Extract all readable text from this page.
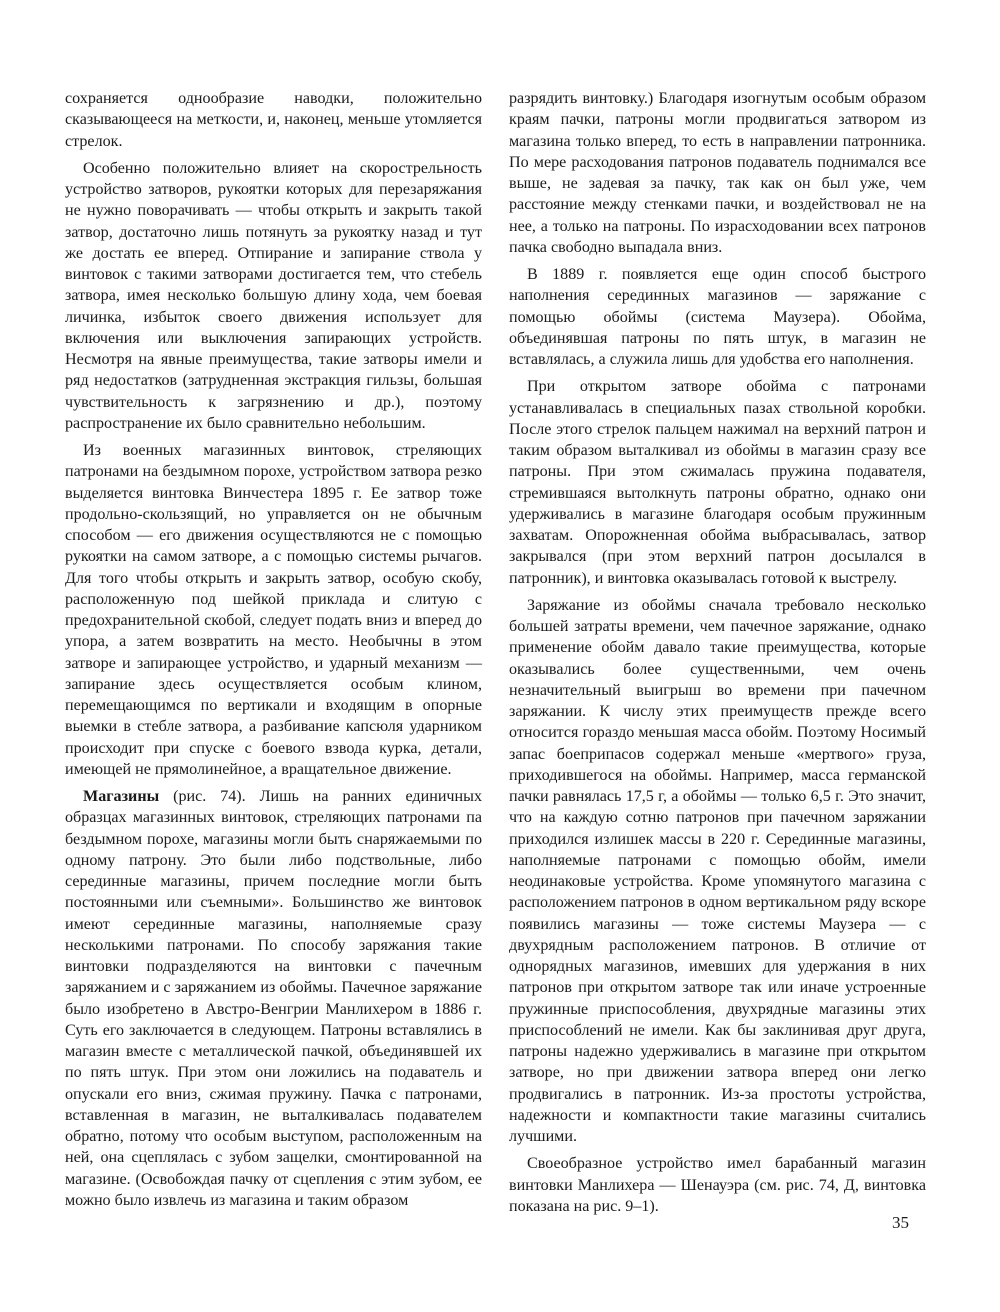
сохраняется однообразие наводки, положительно сказывающееся на меткости, и, наконец, меньше утомляется стрелок.

Особенно положительно влияет на скорострельность устройство затворов, рукоятки которых для перезаряжания не нужно поворачивать — чтобы открыть и закрыть такой затвор, достаточно лишь потянуть за рукоятку назад и тут же достать ее вперед. Отпирание и запирание ствола у винтовок с такими затворами достигается тем, что стебель затвора, имея несколько большую длину хода, чем боевая личинка, избыток своего движения использует для включения или выключения запирающих устройств. Несмотря на явные преимущества, такие затворы имели и ряд недостатков (затрудненная экстракция гильзы, большая чувствительность к загрязнению и др.), поэтому распространение их было сравнительно небольшим.

Из военных магазинных винтовок, стреляющих патронами на бездымном порохе, устройством затвора резко выделяется винтовка Винчестера 1895 г. Ее затвор тоже продольно-скользящий, но управляется он не обычным способом — его движения осуществляются не с помощью рукоятки на самом затворе, а с помощью системы рычагов. Для того чтобы открыть и закрыть затвор, особую скобу, расположенную под шейкой приклада и слитую с предохранительной скобой, следует подать вниз и вперед до упора, а затем возвратить на место. Необычны в этом затворе и запирающее устройство, и ударный механизм — запирание здесь осуществляется особым клином, перемещающимся по вертикали и входящим в опорные выемки в стебле затвора, а разбивание капсюля ударником происходит при спуске с боевого взвода курка, детали, имеющей не прямолинейное, а вращательное движение.

Магазины (рис. 74). Лишь на ранних единичных образцах магазинных винтовок, стреляющих патронами па бездымном порохе, магазины могли быть снаряжаемыми по одному патрону. Это были либо подствольные, либо серединные магазины, причем последние могли быть постоянными или съемными». Большинство же винтовок имеют серединные магазины, наполняемые сразу несколькими патронами. По способу заряжания такие винтовки подразделяются на винтовки с пачечным заряжанием и с заряжанием из обоймы. Пачечное заряжание было изобретено в Австро-Венгрии Манлихером в 1886 г. Суть его заключается в следующем. Патроны вставлялись в магазин вместе с металлической пачкой, объединявшей их по пять штук. При этом они ложились на подаватель и опускали его вниз, сжимая пружину. Пачка с патронами, вставленная в магазин, не выталкивалась подавателем обратно, потому что особым выступом, расположенным на ней, она сцеплялась с зубом защелки, смонтированной на магазине. (Освобождая пачку от сцепления с этим зубом, ее можно было извлечь из магазина и таким образом

разрядить винтовку.) Благодаря изогнутым особым образом краям пачки, патроны могли продвигаться затвором из магазина только вперед, то есть в направлении патронника. По мере расходования патронов подаватель поднимался все выше, не задевая за пачку, так как он был уже, чем расстояние между стенками пачки, и воздействовал не на нее, а только на патроны. По израсходовании всех патронов пачка свободно выпадала вниз.

В 1889 г. появляется еще один способ быстрого наполнения серединных магазинов — заряжание с помощью обоймы (система Маузера). Обойма, объединявшая патроны по пять штук, в магазин не вставлялась, а служила лишь для удобства его наполнения.

При открытом затворе обойма с патронами устанавливалась в специальных пазах ствольной коробки. После этого стрелок пальцем нажимал на верхний патрон и таким образом выталкивал из обоймы в магазин сразу все патроны. При этом сжималась пружина подавателя, стремившаяся вытолкнуть патроны обратно, однако они удерживались в магазине благодаря особым пружинным захватам. Опорожненная обойма выбрасывалась, затвор закрывался (при этом верхний патрон досылался в патронник), и винтовка оказывалась готовой к выстрелу.

Заряжание из обоймы сначала требовало несколько большей затраты времени, чем пачечное заряжание, однако применение обойм давало такие преимущества, которые оказывались более существенными, чем очень незначительный выигрыш во времени при пачечном заряжании. К числу этих преимуществ прежде всего относится гораздо меньшая масса обойм. Поэтому Носимый запас боеприпасов содержал меньше «мертвого» груза, приходившегося на обоймы. Например, масса германской пачки равнялась 17,5 г, а обоймы — только 6,5 г. Это значит, что на каждую сотню патронов при пачечном заряжании приходился излишек массы в 220 г. Серединные магазины, наполняемые патронами с помощью обойм, имели неодинаковые устройства. Кроме упомянутого магазина с расположением патронов в одном вертикальном ряду вскоре появились магазины — тоже системы Маузера — с двухрядным расположением патронов. В отличие от однорядных магазинов, имевших для удержания в них патронов при открытом затворе так или иначе устроенные пружинные приспособления, двухрядные магазины этих приспособлений не имели. Как бы заклинивая друг друга, патроны надежно удерживались в магазине при открытом затворе, но при движении затвора вперед они легко продвигались в патронник. Из-за простоты устройства, надежности и компактности такие магазины считались лучшими.

Своеобразное устройство имел барабанный магазин винтовки Манлихера — Шенауэра (см. рис. 74, Д, винтовка показана на рис. 9–1).

35
